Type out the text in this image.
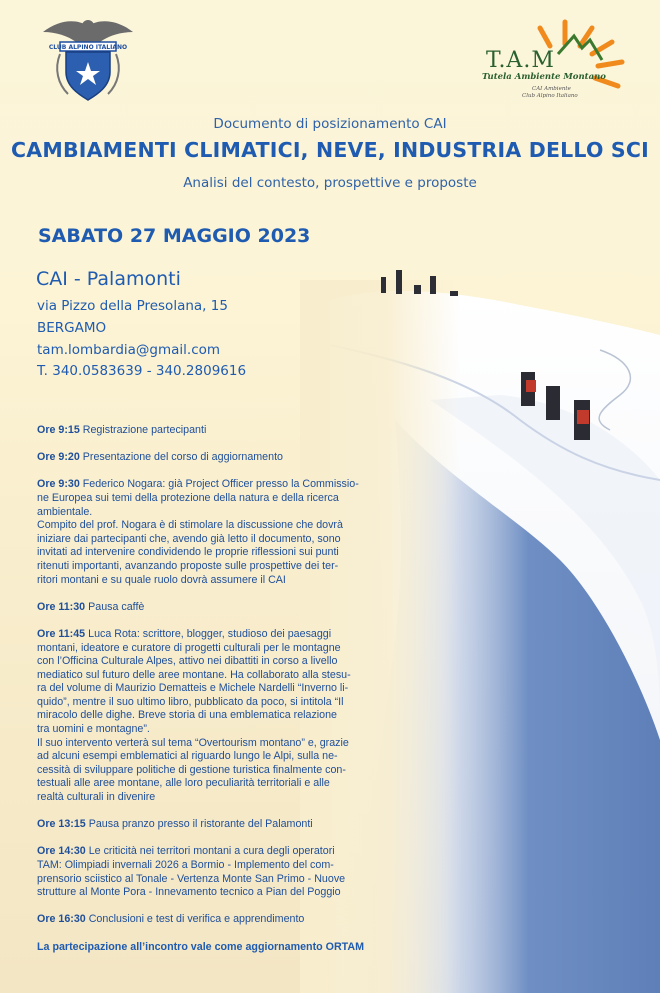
CLUB ALPINO ITALIANO
T.A.M
Tutela Ambiente Montano
CAI Ambiente
Club Alpino Italiano
Documento di posizionamento CAI
CAMBIAMENTI CLIMATICI, NEVE, INDUSTRIA DELLO SCI
Analisi del contesto, prospettive e proposte
SABATO 27 MAGGIO 2023
CAI - Palamonti
via Pizzo della Presolana, 15
BERGAMO
tam.lombardia@gmail.com
T. 340.0583639 - 340.2809616
Ore 9:15 Registrazione partecipanti
Ore 9:20 Presentazione del corso di aggiornamento
Ore 9:30 Federico Nogara: già Project Officer presso la Commissio-
ne Europea sui temi della protezione della natura e della ricerca
ambientale.
Compito del prof. Nogara è di stimolare la discussione che dovrà
iniziare dai partecipanti che, avendo già letto il documento, sono
invitati ad intervenire condividendo le proprie riflessioni sui punti
ritenuti importanti, avanzando proposte sulle prospettive dei ter-
ritori montani e su quale ruolo dovrà assumere il CAI
Ore 11:30 Pausa caffè
Ore 11:45 Luca Rota: scrittore, blogger, studioso dei paesaggi
montani, ideatore e curatore di progetti culturali per le montagne
con l’Officina Culturale Alpes, attivo nei dibattiti in corso a livello
mediatico sul futuro delle aree montane. Ha collaborato alla stesu-
ra del volume di Maurizio Dematteis e Michele Nardelli “Inverno li-
quido”, mentre il suo ultimo libro, pubblicato da poco, si intitola “Il
miracolo delle dighe. Breve storia di una emblematica relazione
tra uomini e montagne”.
Il suo intervento verterà sul tema “Overtourism montano” e, grazie
ad alcuni esempi emblematici al riguardo lungo le Alpi, sulla ne-
cessità di sviluppare politiche di gestione turistica finalmente con-
testuali alle aree montane, alle loro peculiarità territoriali e alle
realtà culturali in divenire
Ore 13:15 Pausa pranzo presso il ristorante del Palamonti
Ore 14:30 Le criticità nei territori montani a cura degli operatori
TAM: Olimpiadi invernali 2026 a Bormio - Implemento del com-
prensorio sciistico al Tonale - Vertenza Monte San Primo - Nuove
strutture al Monte Pora - Innevamento tecnico a Pian del Poggio
Ore 16:30 Conclusioni e test di verifica e apprendimento
La partecipazione all’incontro vale come aggiornamento ORTAM
